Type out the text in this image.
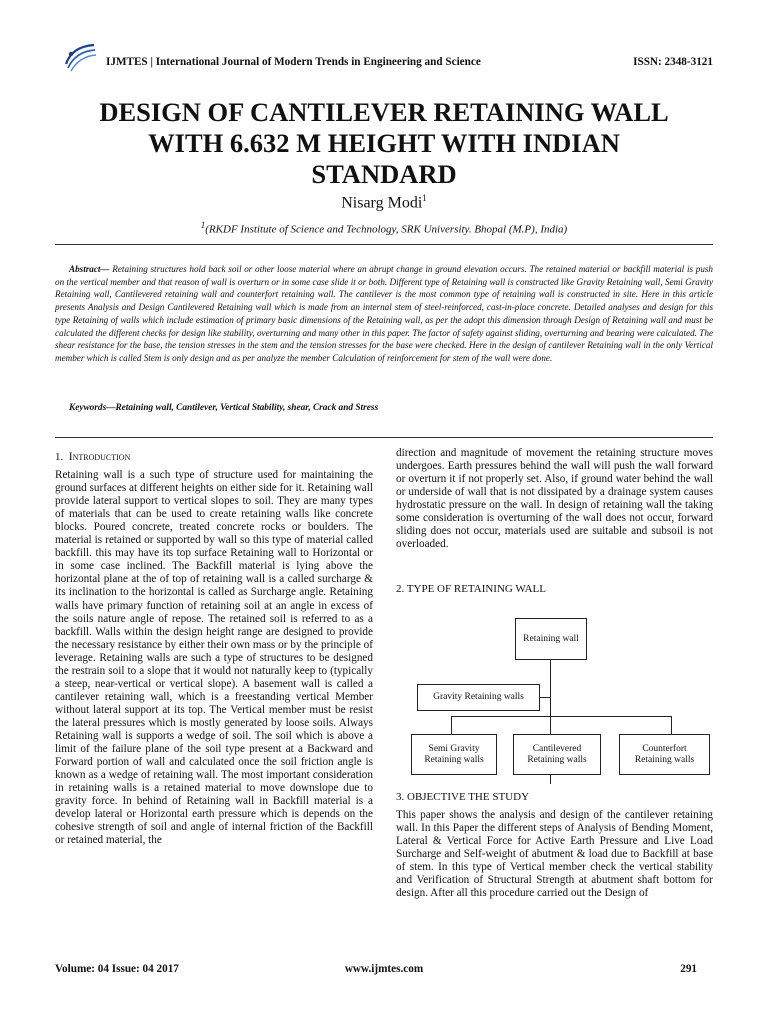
IJMTES | International Journal of Modern Trends in Engineering and Science	ISSN: 2348-3121
DESIGN OF CANTILEVER RETAINING WALL
WITH 6.632 M HEIGHT WITH INDIAN
STANDARD
Nisarg Modi$^1$
$^1$(RKDF Institute of Science and Technology, SRK University. Bhopal (M.P), India)
Abstract— Retaining structures hold back soil or other loose material where an abrupt change in ground elevation occurs. The retained material or backfill material is push on the vertical member and that reason of wall is overturn or in some case slide it or both. Different type of Retaining wall is constructed like Gravity Retaining wall, Semi Gravity Retaining wall, Cantilevered retaining wall and counterfort retaining wall. The cantilever is the most common type of retaining wall is constructed in site. Here in this article presents Analysis and Design Cantilevered Retaining wall which is made from an internal stem of steel-reinforced, cast-in-place concrete. Detailed analyses and design for this type Retaining of walls which include estimation of primary basic dimensions of the Retaining wall, as per the adopt this dimension through Design of Retaining wall and must be calculated the different checks for design like stability, overturning and many other in this paper. The factor of safety against sliding, overturning and bearing were calculated. The shear resistance for the base, the tension stresses in the stem and the tension stresses for the base were checked. Here in the design of cantilever Retaining wall in the only Vertical member which is called Stem is only design and as per analyze the member Calculation of reinforcement for stem of the wall were done.
Keywords—Retaining wall, Cantilever, Vertical Stability, shear, Crack and Stress
1. Introduction

Retaining wall is a such type of structure used for maintaining the ground surfaces at different heights on either side for it. Retaining wall provide lateral support to vertical slopes to soil. They are many types of materials that can be used to create retaining walls like concrete blocks. Poured concrete, treated concrete rocks or boulders. The material is retained or supported by wall so this type of material called backfill. this may have its top surface Retaining wall to Horizontal or in some case inclined. The Backfill material is lying above the horizontal plane at the of top of retaining wall is a called surcharge & its inclination to the horizontal is called as Surcharge angle. Retaining walls have primary function of retaining soil at an angle in excess of the soils nature angle of repose. The retained soil is referred to as a backfill. Walls within the design height range are designed to provide the necessary resistance by either their own mass or by the principle of leverage. Retaining walls are such a type of structures to be designed the restrain soil to a slope that it would not naturally keep to (typically a steep, near-vertical or vertical slope). A basement wall is called a cantilever retaining wall, which is a freestanding vertical Member without lateral support at its top. The Vertical member must be resist the lateral pressures which is mostly generated by loose soils. Always Retaining wall is supports a wedge of soil. The soil which is above a limit of the failure plane of the soil type present at a Backward and Forward portion of wall and calculated once the soil friction angle is known as a wedge of retaining wall. The most important consideration in retaining walls is a retained material to move downslope due to gravity force. In behind of Retaining wall in Backfill material is a develop lateral or Horizontal earth pressure which is depends on the cohesive strength of soil and angle of internal friction of the Backfill or retained material, the

direction and magnitude of movement the retaining structure moves undergoes. Earth pressures behind the wall will push the wall forward or overturn it if not properly set. Also, if ground water behind the wall or underside of wall that is not dissipated by a drainage system causes hydrostatic pressure on the wall. In design of retaining wall the taking some consideration is overturning of the wall does not occur, forward sliding does not occur, materials used are suitable and subsoil is not overloaded.

2. TYPE OF RETAINING WALL
Retaining wall
Gravity Retaining walls
Semi Gravity
Retaining walls
Cantilevered
Retaining walls
Counterfort
Retaining walls
3. OBJECTIVE THE STUDY
This paper shows the analysis and design of the cantilever retaining wall. In this Paper the different steps of Analysis of Bending Moment, Lateral & Vertical Force for Active Earth Pressure and Live Load Surcharge and Self-weight of abutment & load due to Backfill at base of stem. In this type of Vertical member check the vertical stability and Verification of Structural Strength at abutment shaft bottom for design. After all this procedure carried out the Design of
Volume: 04 Issue: 04 2017	www.ijmtes.com	291
